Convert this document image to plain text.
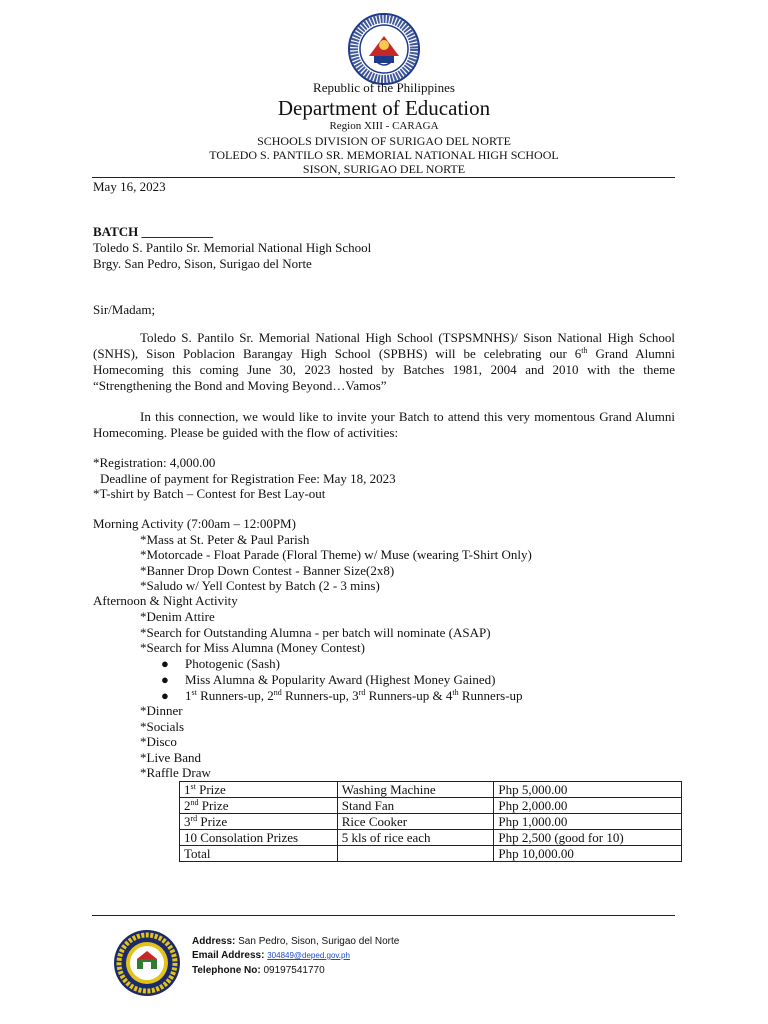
Republic of the Philippines
Department of Education
Region XIII - CARAGA
SCHOOLS DIVISION OF SURIGAO DEL NORTE
TOLEDO S. PANTILO SR. MEMORIAL NATIONAL HIGH SCHOOL
SISON, SURIGAO DEL NORTE
May 16, 2023
BATCH ___________
Toledo S. Pantilo Sr. Memorial National High School
Brgy. San Pedro, Sison, Surigao del Norte
Sir/Madam;
Toledo S. Pantilo Sr. Memorial National High School (TSPSMNHS)/ Sison National High School (SNHS), Sison Poblacion Barangay High School (SPBHS) will be celebrating our 6th Grand Alumni Homecoming this coming June 30, 2023 hosted by Batches 1981, 2004 and 2010 with the theme “Strengthening the Bond and Moving Beyond…Vamos”
In this connection, we would like to invite your Batch to attend this very momentous Grand Alumni Homecoming. Please be guided with the flow of activities:
*Registration: 4,000.00
Deadline of payment for Registration Fee: May 18, 2023
*T-shirt by Batch – Contest for Best Lay-out
Morning Activity (7:00am – 12:00PM)
*Mass at St. Peter & Paul Parish
*Motorcade - Float Parade (Floral Theme) w/ Muse (wearing T-Shirt Only)
*Banner Drop Down Contest - Banner Size(2x8)
*Saludo w/ Yell Contest by Batch (2 - 3 mins)
Afternoon & Night Activity
*Denim Attire
*Search for Outstanding Alumna - per batch will nominate (ASAP)
*Search for Miss Alumna (Money Contest)
● Photogenic (Sash)
● Miss Alumna & Popularity Award (Highest Money Gained)
● 1st Runners-up, 2nd Runners-up, 3rd Runners-up & 4th Runners-up
*Dinner
*Socials
*Disco
*Live Band
*Raffle Draw
1st Prize	Washing Machine	Php 5,000.00
2nd Prize	Stand Fan	Php 2,000.00
3rd Prize	Rice Cooker	Php 1,000.00
10 Consolation Prizes	5 kls of rice each	Php 2,500 (good for 10)
Total		Php 10,000.00
Address: San Pedro, Sison, Surigao del Norte
Email Address: 304849@deped.gov.ph
Telephone No: 09197541770
